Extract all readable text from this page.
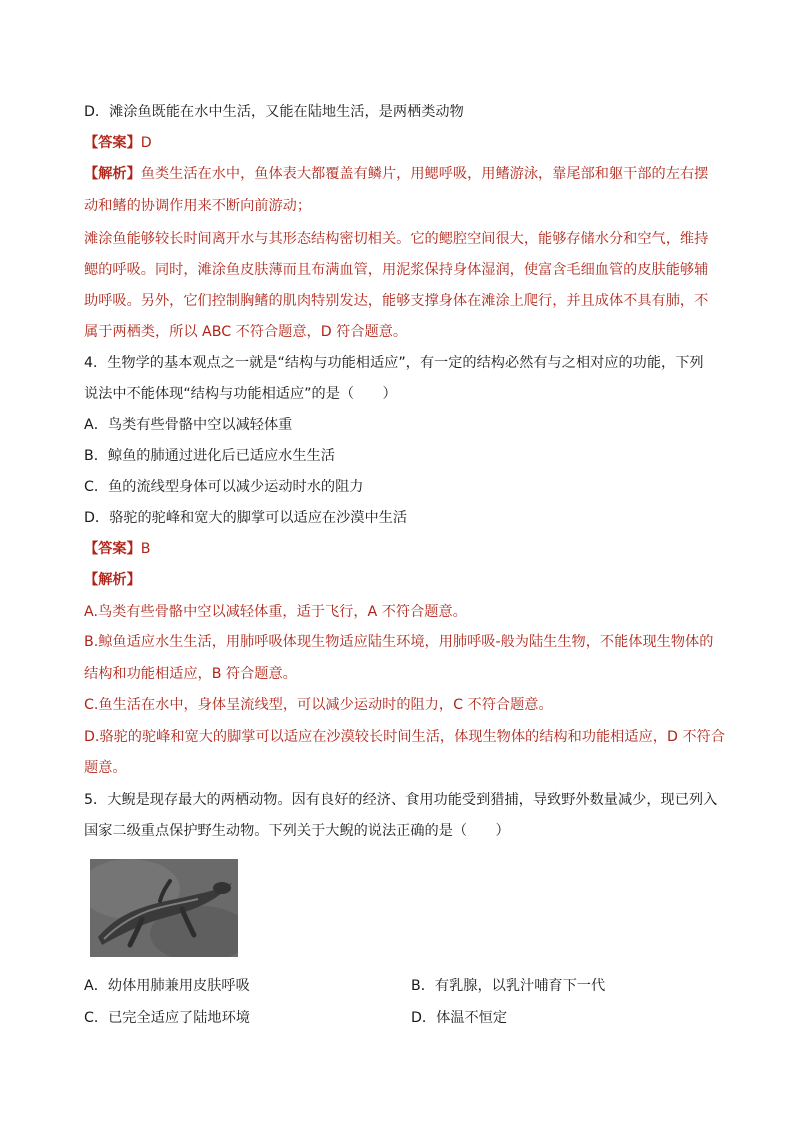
D．滩涂鱼既能在水中生活，又能在陆地生活，是两栖类动物
【答案】D
【解析】鱼类生活在水中，鱼体表大都覆盖有鳞片，用鳃呼吸，用鳍游泳，靠尾部和躯干部的左右摆
动和鳍的协调作用来不断向前游动；
滩涂鱼能够较长时间离开水与其形态结构密切相关。它的鳃腔空间很大，能够存储水分和空气，维持
鳃的呼吸。同时，滩涂鱼皮肤薄而且布满血管，用泥浆保持身体湿润，使富含毛细血管的皮肤能够辅
助呼吸。另外，它们控制胸鳍的肌肉特别发达，能够支撑身体在滩涂上爬行，并且成体不具有肺，不
属于两栖类，所以 ABC 不符合题意，D 符合题意。
4．生物学的基本观点之一就是“结构与功能相适应”，有一定的结构必然有与之相对应的功能，下列
说法中不能体现“结构与功能相适应”的是（　　）
A．鸟类有些骨骼中空以减轻体重
B．鲸鱼的肺通过进化后已适应水生生活
C．鱼的流线型身体可以减少运动时水的阻力
D．骆驼的驼峰和宽大的脚掌可以适应在沙漠中生活
【答案】B
【解析】
A.鸟类有些骨骼中空以减轻体重，适于飞行，A 不符合题意。
B.鲸鱼适应水生生活，用肺呼吸体现生物适应陆生环境，用肺呼吸-般为陆生生物，不能体现生物体的
结构和功能相适应，B 符合题意。
C.鱼生活在水中，身体呈流线型，可以减少运动时的阻力，C 不符合题意。
D.骆驼的驼峰和宽大的脚掌可以适应在沙漠较长时间生活，体现生物体的结构和功能相适应，D 不符合
题意。
5．大鲵是现存最大的两栖动物。因有良好的经济、食用功能受到猎捕，导致野外数量减少，现已列入
国家二级重点保护野生动物。下列关于大鲵的说法正确的是（　　）
A．幼体用肺兼用皮肤呼吸	B．有乳腺，以乳汁哺育下一代
C．已完全适应了陆地环境	D．体温不恒定
